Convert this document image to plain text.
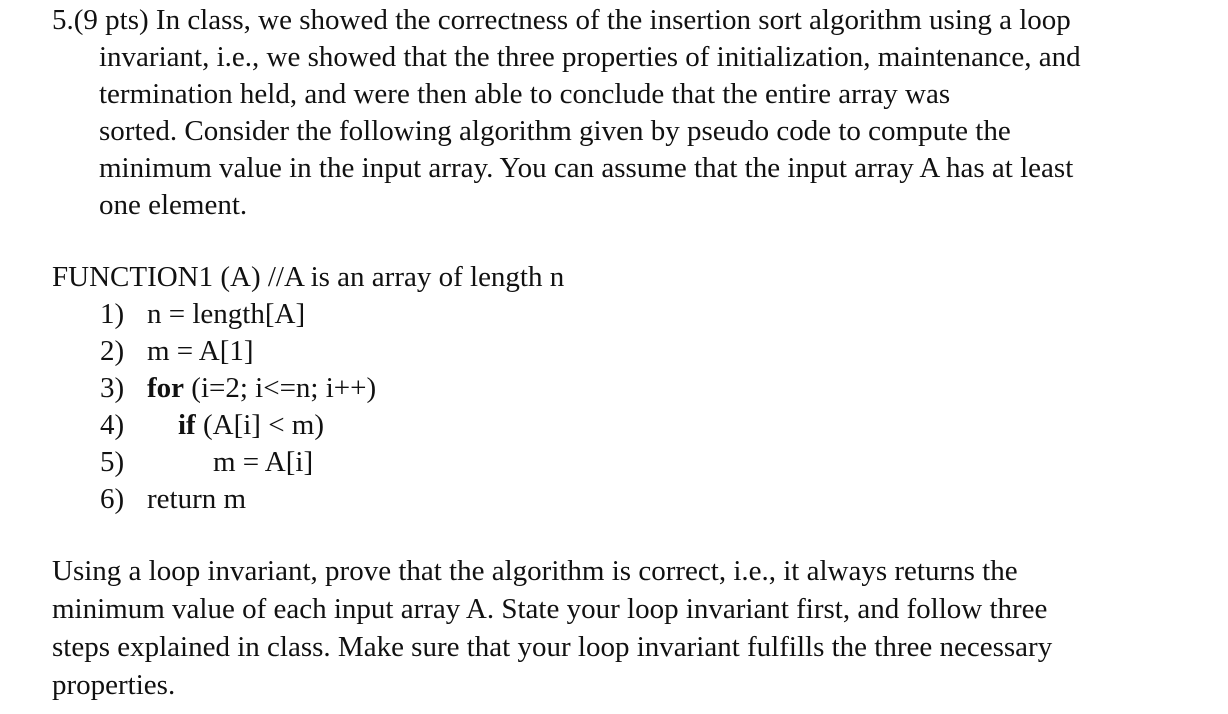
5.(9 pts) In class, we showed the correctness of the insertion sort algorithm using a loop
invariant, i.e., we showed that the three properties of initialization, maintenance, and
termination held, and were then able to conclude that the entire array was
sorted. Consider the following algorithm given by pseudo code to compute the
minimum value in the input array. You can assume that the input array A has at least
one element.
FUNCTION1 (A) //A is an array of length n
1) n = length[A]
2) m = A[1]
3) for (i=2; i<=n; i++)
4) if (A[i] < m)
5)	m = A[i]
6) return m
Using a loop invariant, prove that the algorithm is correct, i.e., it always returns the
minimum value of each input array A. State your loop invariant first, and follow three
steps explained in class. Make sure that your loop invariant fulfills the three necessary
properties.
